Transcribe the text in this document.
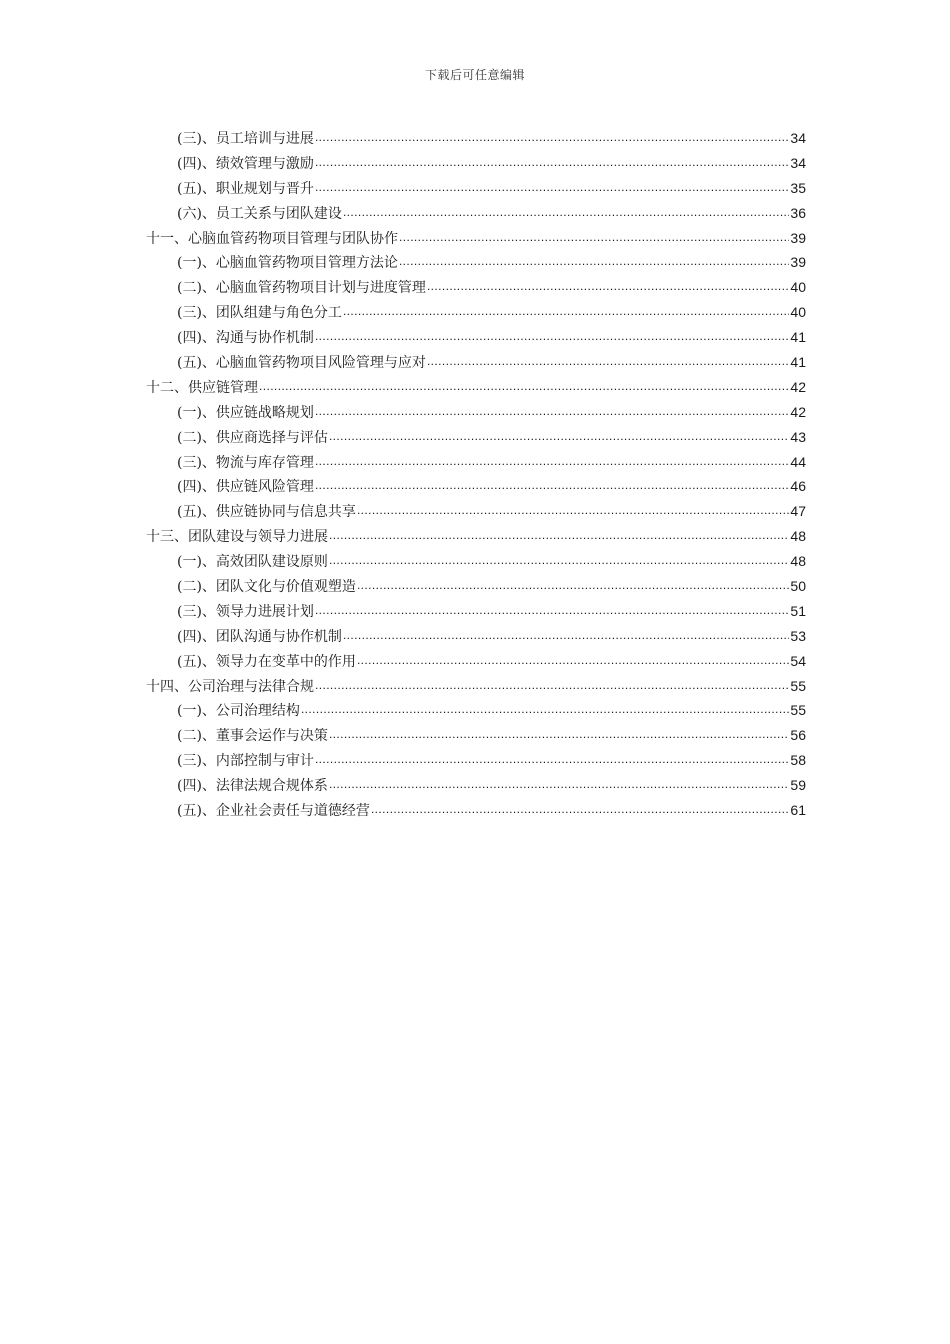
下载后可任意编辑
(三)、员工培训与进展 .....	34
(四)、绩效管理与激励 .....	34
(五)、职业规划与晋升 .....	35
(六)、员工关系与团队建设 .....	36
十一、心脑血管药物项目管理与团队协作 .....	39
(一)、心脑血管药物项目管理方法论 .....	39
(二)、心脑血管药物项目计划与进度管理 .....	40
(三)、团队组建与角色分工 .....	40
(四)、沟通与协作机制 .....	41
(五)、心脑血管药物项目风险管理与应对 .....	41
十二、供应链管理 .....	42
(一)、供应链战略规划 .....	42
(二)、供应商选择与评估 .....	43
(三)、物流与库存管理 .....	44
(四)、供应链风险管理 .....	46
(五)、供应链协同与信息共享 .....	47
十三、团队建设与领导力进展 .....	48
(一)、高效团队建设原则 .....	48
(二)、团队文化与价值观塑造 .....	50
(三)、领导力进展计划 .....	51
(四)、团队沟通与协作机制 .....	53
(五)、领导力在变革中的作用 .....	54
十四、公司治理与法律合规 .....	55
(一)、公司治理结构 .....	55
(二)、董事会运作与决策 .....	56
(三)、内部控制与审计 .....	58
(四)、法律法规合规体系 .....	59
(五)、企业社会责任与道德经营 .....	61
